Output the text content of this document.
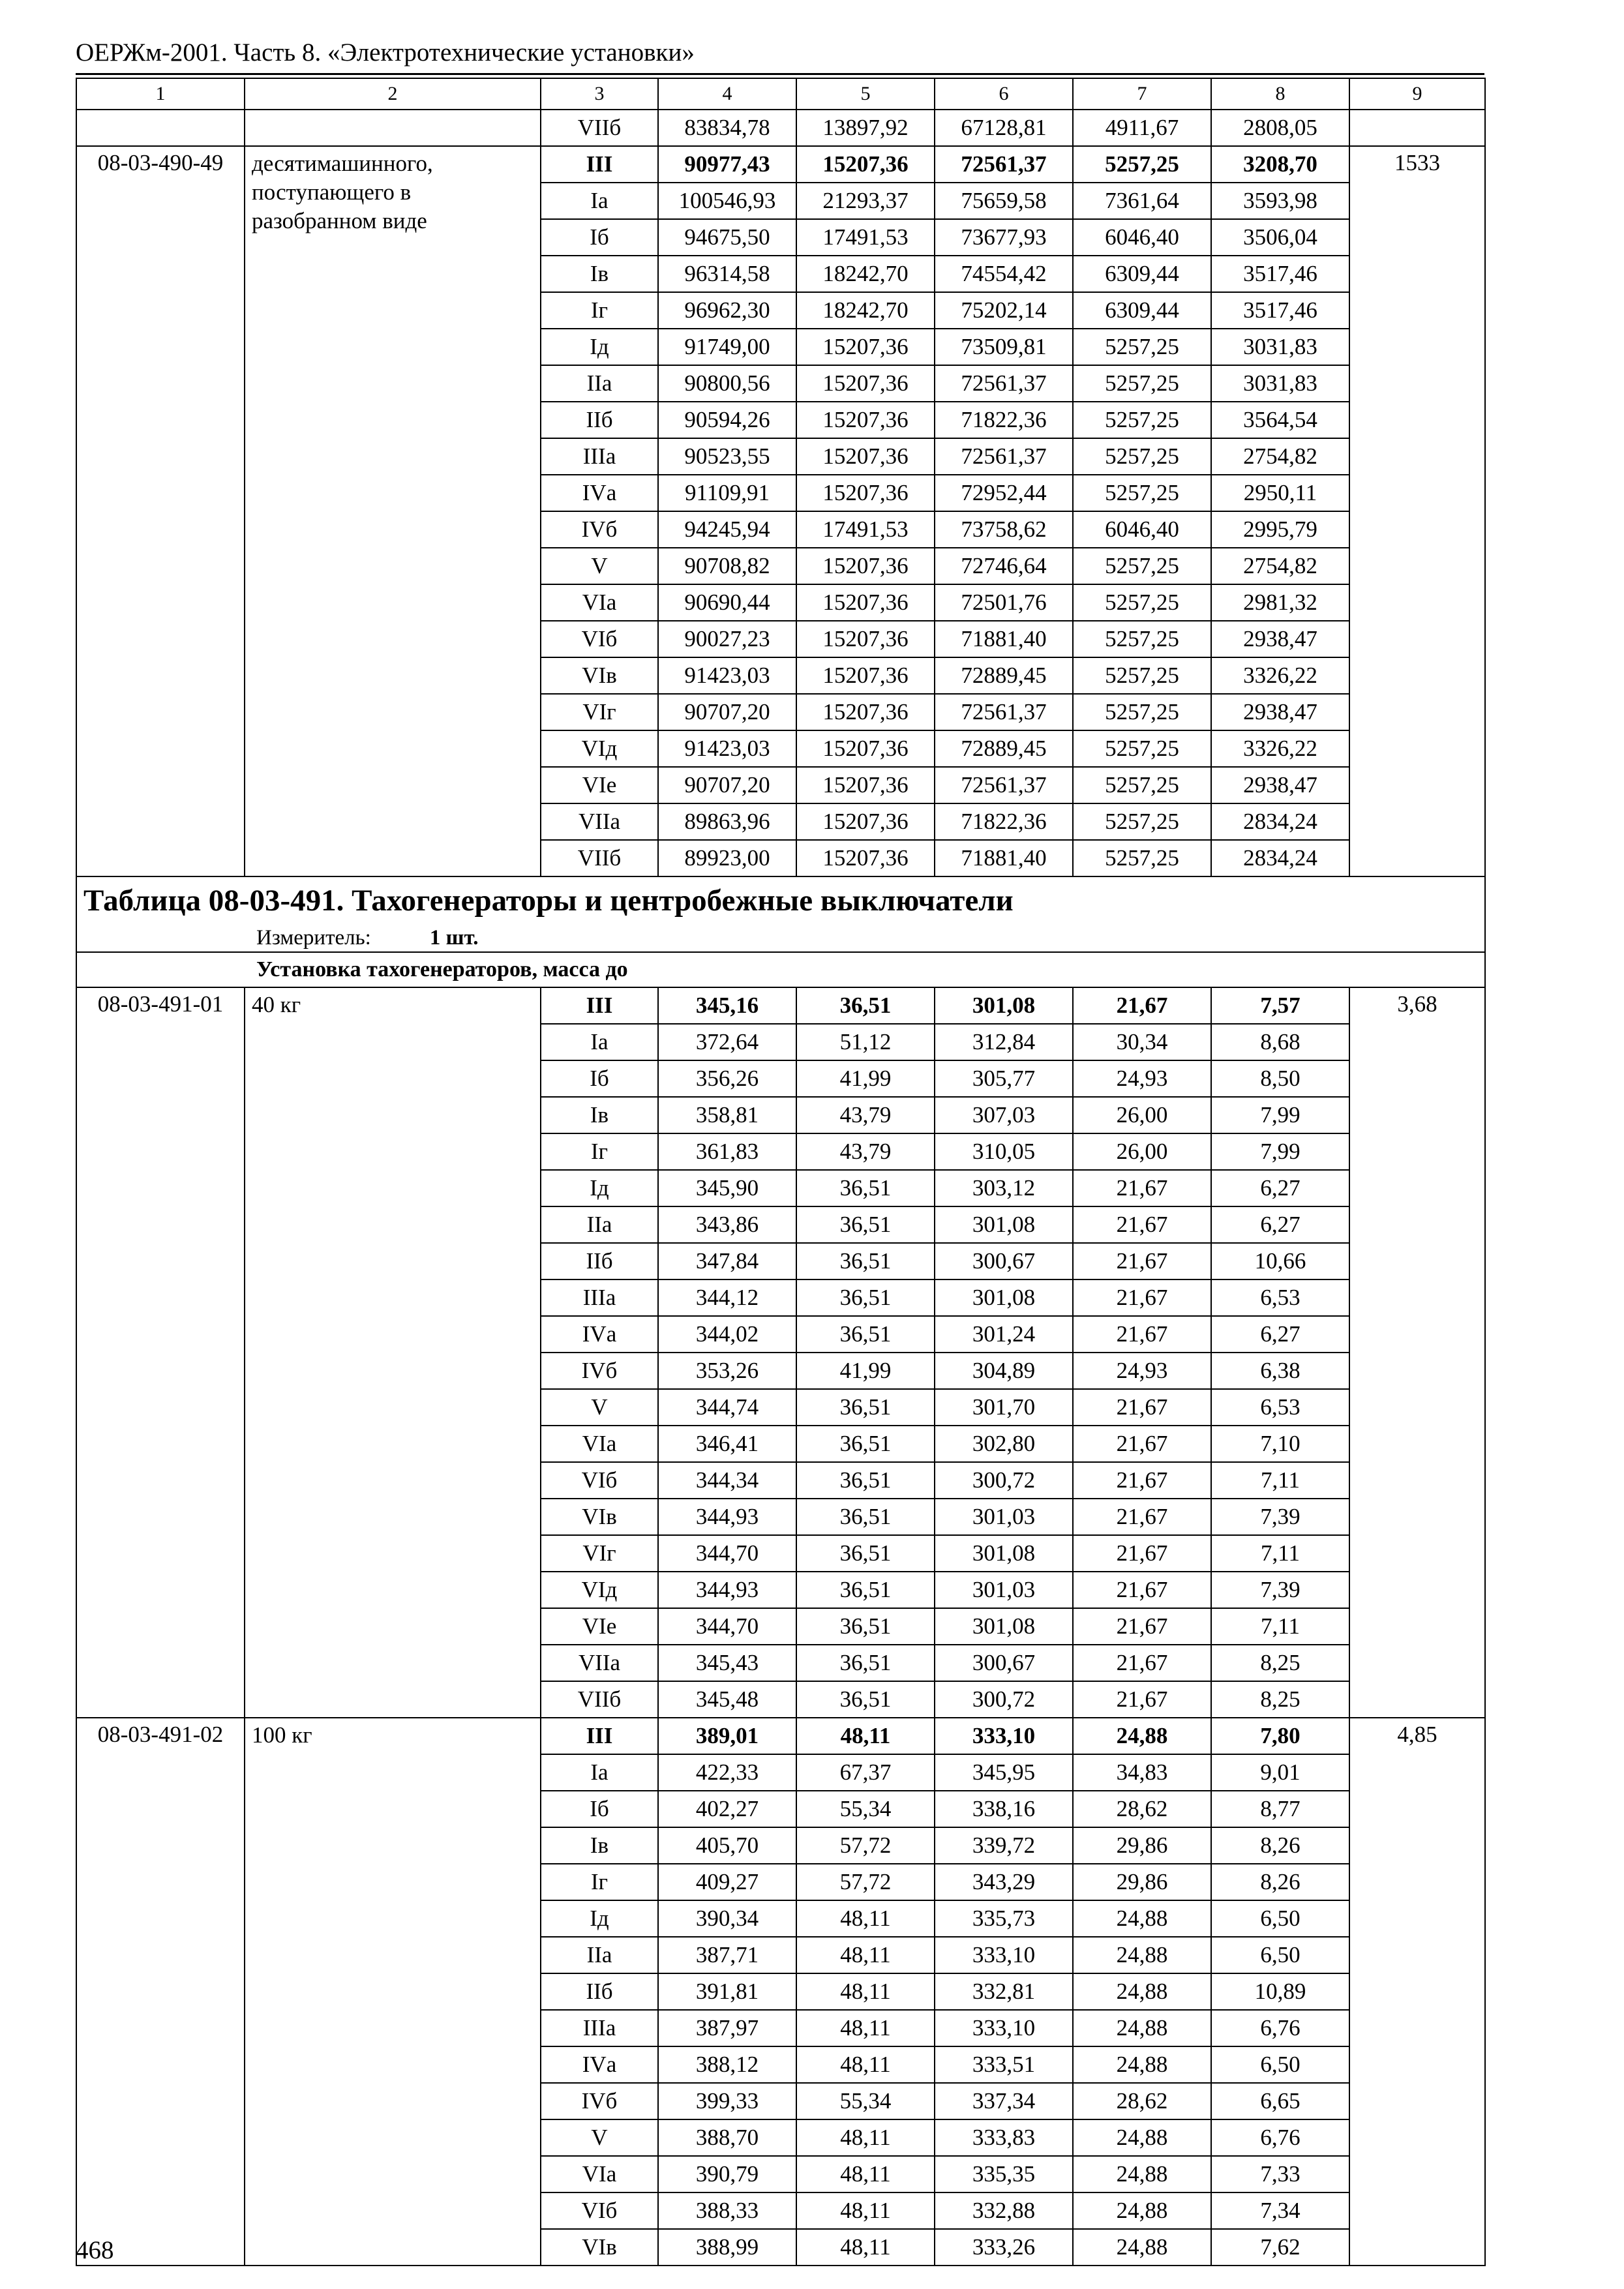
ОЕРЖм-2001. Часть 8. «Электротехнические установки»
1	2	3	4	5	6	7	8	9
		VIIб	83834,78	13897,92	67128,81	4911,67	2808,05	
08-03-490-49	десятимашинного, поступающего в разобранном виде	III	90977,43	15207,36	72561,37	5257,25	3208,70	1533
		Iа	100546,93	21293,37	75659,58	7361,64	3593,98	
		Iб	94675,50	17491,53	73677,93	6046,40	3506,04	
		Iв	96314,58	18242,70	74554,42	6309,44	3517,46	
		Iг	96962,30	18242,70	75202,14	6309,44	3517,46	
		Iд	91749,00	15207,36	73509,81	5257,25	3031,83	
		IIа	90800,56	15207,36	72561,37	5257,25	3031,83	
		IIб	90594,26	15207,36	71822,36	5257,25	3564,54	
		IIIа	90523,55	15207,36	72561,37	5257,25	2754,82	
		IVа	91109,91	15207,36	72952,44	5257,25	2950,11	
		IVб	94245,94	17491,53	73758,62	6046,40	2995,79	
		V	90708,82	15207,36	72746,64	5257,25	2754,82	
		VIа	90690,44	15207,36	72501,76	5257,25	2981,32	
		VIб	90027,23	15207,36	71881,40	5257,25	2938,47	
		VIв	91423,03	15207,36	72889,45	5257,25	3326,22	
		VIг	90707,20	15207,36	72561,37	5257,25	2938,47	
		VIд	91423,03	15207,36	72889,45	5257,25	3326,22	
		VIе	90707,20	15207,36	72561,37	5257,25	2938,47	
		VIIа	89863,96	15207,36	71822,36	5257,25	2834,24	
		VIIб	89923,00	15207,36	71881,40	5257,25	2834,24	
Таблица 08-03-491. Тахогенераторы и центробежные выключатели								
Измеритель: 1 шт.								
Установка тахогенераторов, масса до								
08-03-491-01	40 кг	III	345,16	36,51	301,08	21,67	7,57	3,68
		Iа	372,64	51,12	312,84	30,34	8,68	
		Iб	356,26	41,99	305,77	24,93	8,50	
		Iв	358,81	43,79	307,03	26,00	7,99	
		Iг	361,83	43,79	310,05	26,00	7,99	
		Iд	345,90	36,51	303,12	21,67	6,27	
		IIа	343,86	36,51	301,08	21,67	6,27	
		IIб	347,84	36,51	300,67	21,67	10,66	
		IIIа	344,12	36,51	301,08	21,67	6,53	
		IVа	344,02	36,51	301,24	21,67	6,27	
		IVб	353,26	41,99	304,89	24,93	6,38	
		V	344,74	36,51	301,70	21,67	6,53	
		VIа	346,41	36,51	302,80	21,67	7,10	
		VIб	344,34	36,51	300,72	21,67	7,11	
		VIв	344,93	36,51	301,03	21,67	7,39	
		VIг	344,70	36,51	301,08	21,67	7,11	
		VIд	344,93	36,51	301,03	21,67	7,39	
		VIе	344,70	36,51	301,08	21,67	7,11	
		VIIа	345,43	36,51	300,67	21,67	8,25	
		VIIб	345,48	36,51	300,72	21,67	8,25	
08-03-491-02	100 кг	III	389,01	48,11	333,10	24,88	7,80	4,85
		Iа	422,33	67,37	345,95	34,83	9,01	
		Iб	402,27	55,34	338,16	28,62	8,77	
		Iв	405,70	57,72	339,72	29,86	8,26	
		Iг	409,27	57,72	343,29	29,86	8,26	
		Iд	390,34	48,11	335,73	24,88	6,50	
		IIа	387,71	48,11	333,10	24,88	6,50	
		IIб	391,81	48,11	332,81	24,88	10,89	
		IIIа	387,97	48,11	333,10	24,88	6,76	
		IVа	388,12	48,11	333,51	24,88	6,50	
		IVб	399,33	55,34	337,34	28,62	6,65	
		V	388,70	48,11	333,83	24,88	6,76	
		VIа	390,79	48,11	335,35	24,88	7,33	
		VIб	388,33	48,11	332,88	24,88	7,34	
		VIв	388,99	48,11	333,26	24,88	7,62	
468
